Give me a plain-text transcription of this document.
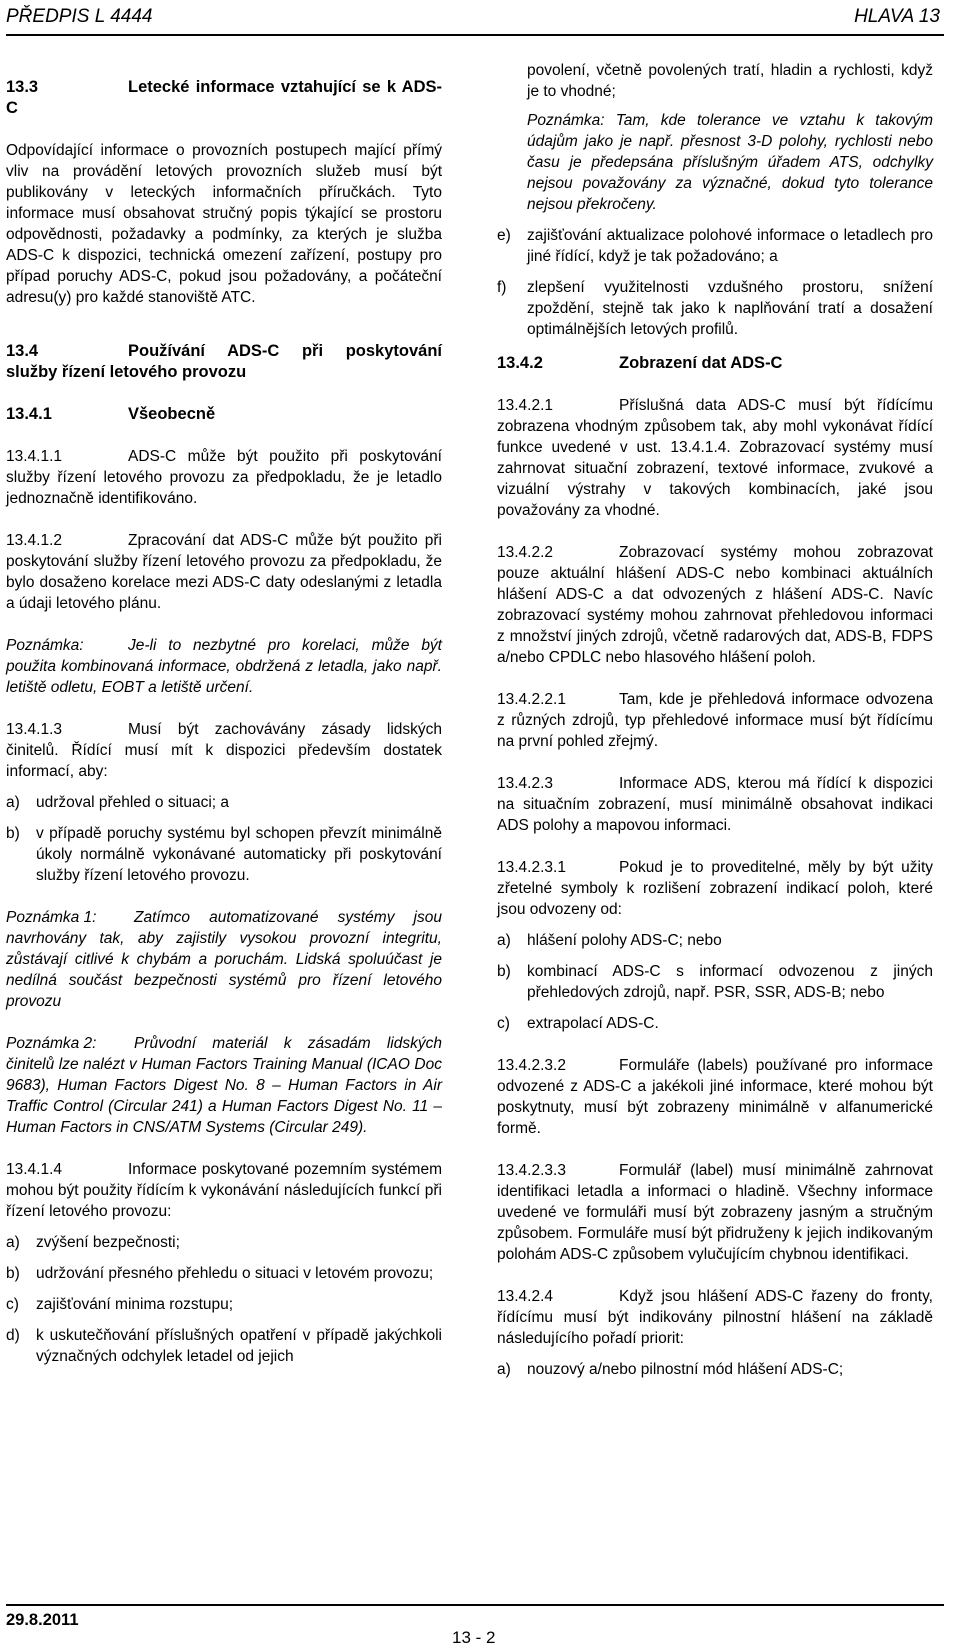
PŘEDPIS L 4444	HLAVA 13

13.3	Letecké informace vztahující se k ADS-C

Odpovídající informace o provozních postupech mající přímý vliv na provádění letových provozních služeb musí být publikovány v leteckých informačních příručkách. Tyto informace musí obsahovat stručný popis týkající se prostoru odpovědnosti, požadavky a podmínky, za kterých je služba ADS-C k dispozici, technická omezení zařízení, postupy pro případ poruchy ADS-C, pokud jsou požadovány, a počáteční adresu(y) pro každé stanoviště ATC.

13.4	Používání ADS-C při poskytování služby řízení letového provozu

13.4.1	Všeobecně

13.4.1.1	ADS-C může být použito při poskytování služby řízení letového provozu za předpokladu, že je letadlo jednoznačně identifikováno.

13.4.1.2	Zpracování dat ADS-C může být použito při poskytování služby řízení letového provozu za předpokladu, že bylo dosaženo korelace mezi ADS-C daty odeslanými z letadla a údaji letového plánu.

Poznámka:	Je-li to nezbytné pro korelaci, může být použita kombinovaná informace, obdržená z letadla, jako např. letiště odletu, EOBT a letiště určení.

13.4.1.3	Musí být zachovávány zásady lidských činitelů. Řídící musí mít k dispozici především dostatek informací, aby:

a)	udržoval přehled o situaci; a
b)	v případě poruchy systému byl schopen převzít minimálně úkoly normálně vykonávané automaticky při poskytování služby řízení letového provozu.

Poznámka 1: Zatímco automatizované systémy jsou navrhovány tak, aby zajistily vysokou provozní integritu, zůstávají citlivé k chybám a poruchám. Lidská spoluúčast je nedílná součást bezpečnosti systémů pro řízení letového provozu

Poznámka 2: Průvodní materiál k zásadám lidských činitelů lze nalézt v Human Factors Training Manual (ICAO Doc 9683), Human Factors Digest No. 8 – Human Factors in Air Traffic Control (Circular 241) a Human Factors Digest No. 11 – Human Factors in CNS/ATM Systems (Circular 249).

13.4.1.4	Informace poskytované pozemním systémem mohou být použity řídícím k vykonávání následujících funkcí při řízení letového provozu:

a)	zvýšení bezpečnosti;
b)	udržování přesného přehledu o situaci v letovém provozu;
c)	zajišťování minima rozstupu;
d)	k uskutečňování příslušných opatření v případě jakýchkoli význačných odchylek letadel od jejich

povolení, včetně povolených tratí, hladin a rychlosti, když je to vhodné;

Poznámka: Tam, kde tolerance ve vztahu k takovým údajům jako je např. přesnost 3-D polohy, rychlosti nebo času je předepsána příslušným úřadem ATS, odchylky nejsou považovány za význačné, dokud tyto tolerance nejsou překročeny.

e)	zajišťování aktualizace polohové informace o letadlech pro jiné řídící, když je tak požadováno; a
f)	zlepšení využitelnosti vzdušného prostoru, snížení zpoždění, stejně tak jako k naplňování tratí a dosažení optimálnějších letových profilů.

13.4.2	Zobrazení dat ADS-C

13.4.2.1	Příslušná data ADS-C musí být řídícímu zobrazena vhodným způsobem tak, aby mohl vykonávat řídící funkce uvedené v ust. 13.4.1.4. Zobrazovací systémy musí zahrnovat situační zobrazení, textové informace, zvukové a vizuální výstrahy v takových kombinacích, jaké jsou považovány za vhodné.

13.4.2.2	Zobrazovací systémy mohou zobrazovat pouze aktuální hlášení ADS-C nebo kombinaci aktuálních hlášení ADS-C a dat odvozených z hlášení ADS-C. Navíc zobrazovací systémy mohou zahrnovat přehledovou informaci z množství jiných zdrojů, včetně radarových dat, ADS-B, FDPS a/nebo CPDLC nebo hlasového hlášení poloh.

13.4.2.2.1	Tam, kde je přehledová informace odvozena z různých zdrojů, typ přehledové informace musí být řídícímu na první pohled zřejmý.

13.4.2.3	Informace ADS, kterou má řídící k dispozici na situačním zobrazení, musí minimálně obsahovat indikaci ADS polohy a mapovou informaci.

13.4.2.3.1	Pokud je to proveditelné, měly by být užity zřetelné symboly k rozlišení zobrazení indikací poloh, které jsou odvozeny od:

a)	hlášení polohy ADS-C; nebo
b)	kombinací ADS-C s informací odvozenou z jiných přehledových zdrojů, např. PSR, SSR, ADS-B; nebo
c)	extrapolací ADS-C.

13.4.2.3.2	Formuláře (labels) používané pro informace odvozené z ADS-C a jakékoli jiné informace, které mohou být poskytnuty, musí být zobrazeny minimálně v alfanumerické formě.

13.4.2.3.3	Formulář (label) musí minimálně zahrnovat identifikaci letadla a informaci o hladině. Všechny informace uvedené ve formuláři musí být zobrazeny jasným a stručným způsobem. Formuláře musí být přidruženy k jejich indikovaným polohám ADS-C způsobem vylučujícím chybnou identifikaci.

13.4.2.4	Když jsou hlášení ADS-C řazeny do fronty, řídícímu musí být indikovány pilnostní hlášení na základě následujícího pořadí priorit:

a)	nouzový a/nebo pilnostní mód hlášení ADS-C;
29.8.2011
13 - 2
